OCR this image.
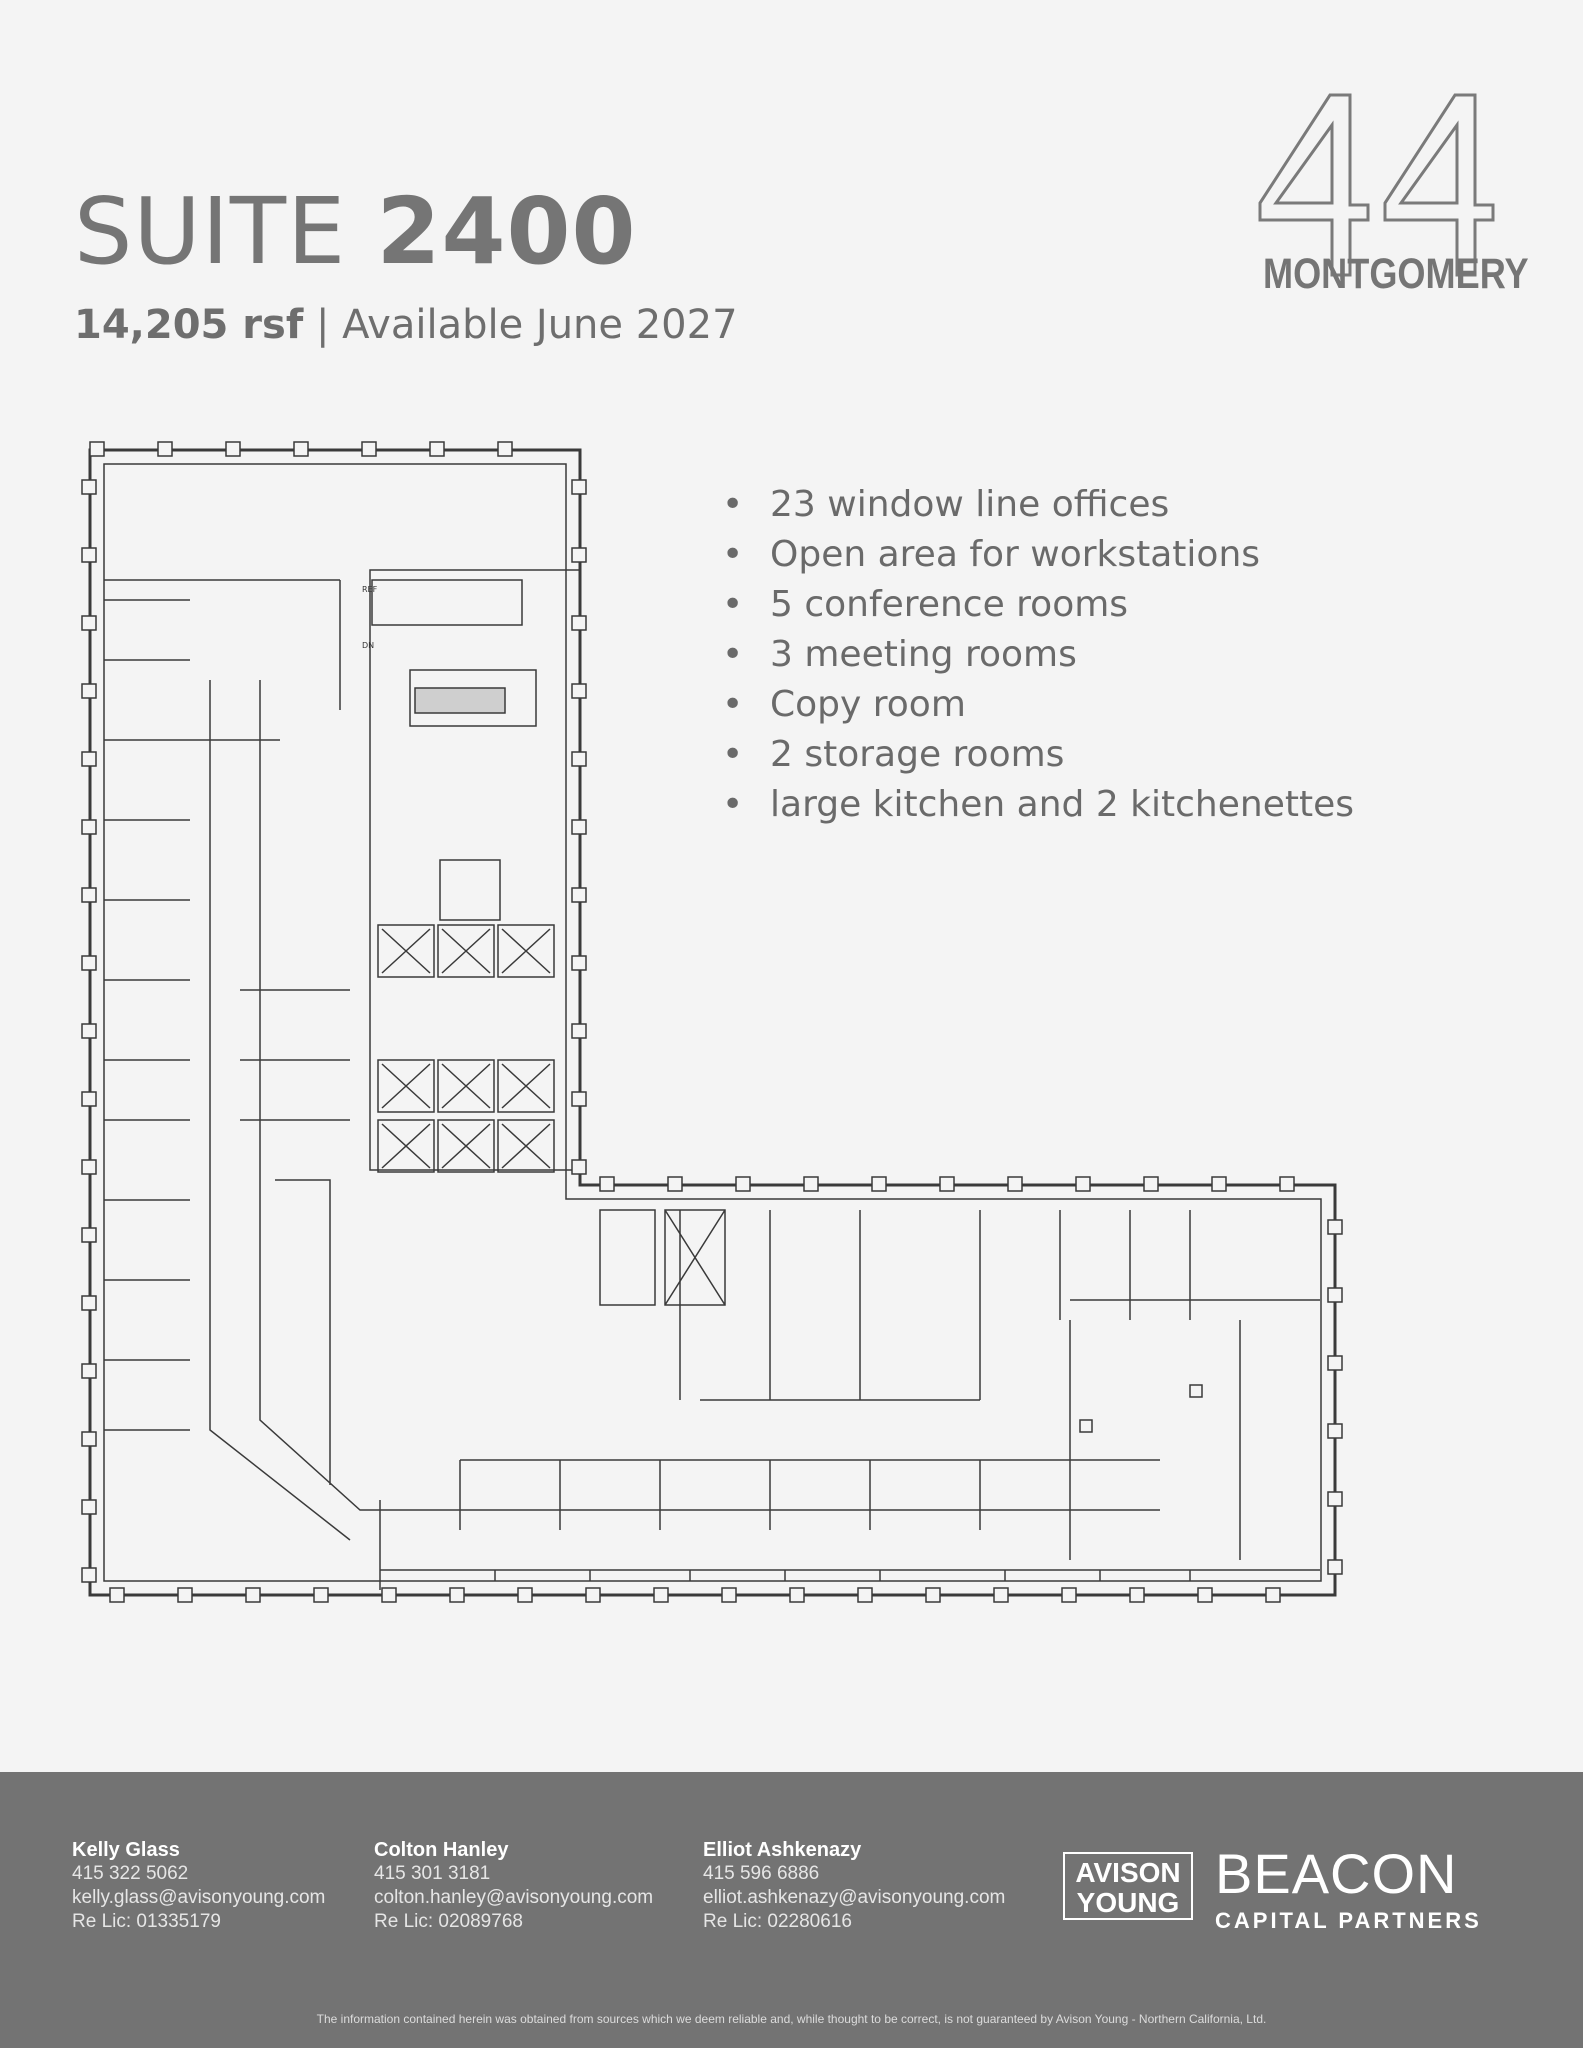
SUITE 2400
14,205 rsf | Available June 2027
MONTGOMERY
• 23 window line offices
• Open area for workstations
• 5 conference rooms
• 3 meeting rooms
• Copy room
• 2 storage rooms
• large kitchen and 2 kitchenettes
REF
DN
Kelly Glass
415 322 5062
kelly.glass@avisonyoung.com
Re Lic: 01335179
Colton Hanley
415 301 3181
colton.hanley@avisonyoung.com
Re Lic: 02089768
Elliot Ashkenazy
415 596 6886
elliot.ashkenazy@avisonyoung.com
Re Lic: 02280616
AVISON
YOUNG BEACON
CAPITAL PARTNERS
The information contained herein was obtained from sources which we deem reliable and, while thought to be correct, is not guaranteed by Avison Young - Northern California, Ltd.
